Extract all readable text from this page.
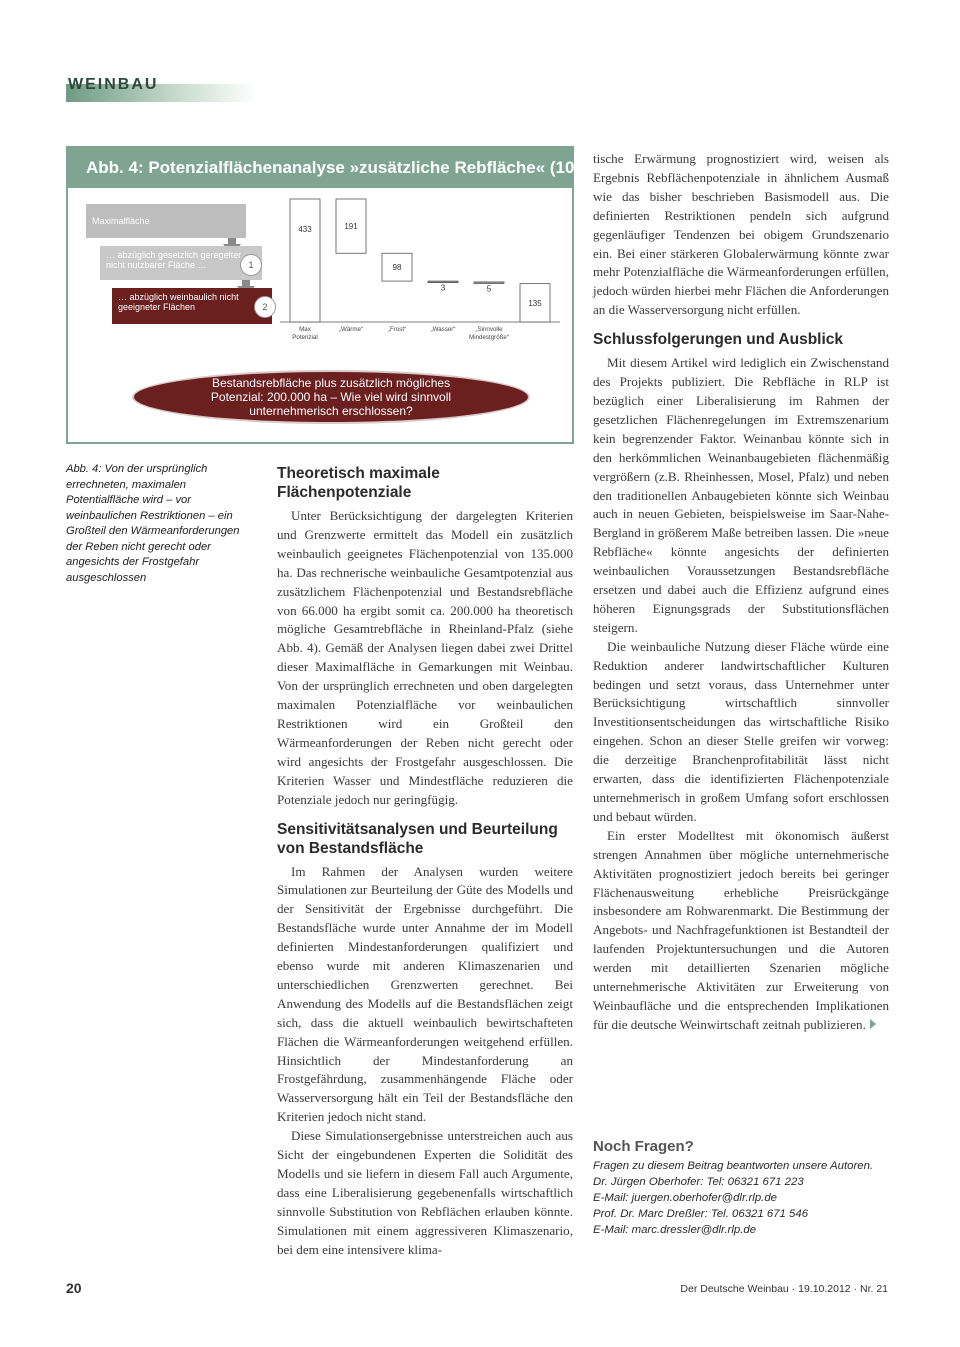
WEINBAU
Abb. 4: Potenzialflächenanalyse »zusätzliche Rebfläche« (1000 ha)
Maximalfläche
… abzüglich gesetzlich geregelter nicht nutzbarer Fläche …	1
… abzüglich weinbaulich nicht geeigneter Flächen	2
433
Max
Potenzial
191
„Wärme“
98
„Frost“
3
„Wasser“
5
„Sinnvolle
Mindestgröße“
135
Bestandsrebfläche plus zusätzlich mögliches Potenzial: 200.000 ha – Wie viel wird sinnvoll unternehmerisch erschlossen?
Abb. 4: Von der ursprünglich errechneten, maximalen Potentialfläche wird – vor weinbaulichen Restriktionen – ein Großteil den Wärmeanforderungen der Reben nicht gerecht oder angesichts der Frostgefahr ausgeschlossen
Theoretisch maximale Flächenpotenziale

Unter Berücksichtigung der dargelegten Kriterien und Grenzwerte ermittelt das Modell ein zusätzlich weinbaulich geeignetes Flächenpotenzial von 135.000 ha. Das rechnerische weinbauliche Gesamtpotenzial aus zusätzlichem Flächenpotenzial und Bestandsrebfläche von 66.000 ha ergibt somit ca. 200.000 ha theoretisch mögliche Gesamtrebfläche in Rheinland-Pfalz (siehe Abb. 4). Gemäß der Analysen liegen dabei zwei Drittel dieser Maximalfläche in Gemarkungen mit Weinbau. Von der ursprünglich errechneten und oben dargelegten maximalen Potenzialfläche vor weinbaulichen Restriktionen wird ein Großteil den Wärmeanforderungen der Reben nicht gerecht oder wird angesichts der Frostgefahr ausgeschlossen. Die Kriterien Wasser und Mindestfläche reduzieren die Potenziale jedoch nur geringfügig.

Sensitivitätsanalysen und Beurteilung von Bestandsfläche

Im Rahmen der Analysen wurden weitere Simulationen zur Beurteilung der Güte des Modells und der Sensitivität der Ergebnisse durchgeführt. Die Bestandsfläche wurde unter Annahme der im Modell definierten Mindestanforderungen qualifiziert und ebenso wurde mit anderen Klimaszenarien und unterschiedlichen Grenzwerten gerechnet. Bei Anwendung des Modells auf die Bestandsflächen zeigt sich, dass die aktuell weinbaulich bewirtschafteten Flächen die Wärmeanforderungen weitgehend erfüllen. Hinsichtlich der Mindestanforderung an Frostgefährdung, zusammenhängende Fläche oder Wasserversorgung hält ein Teil der Bestandsfläche den Kriterien jedoch nicht stand.

Diese Simulationsergebnisse unterstreichen auch aus Sicht der eingebundenen Experten die Solidität des Modells und sie liefern in diesem Fall auch Argumente, dass eine Liberalisierung gegebenenfalls wirtschaftlich sinnvolle Substitution von Rebflächen erlauben könnte. Simulationen mit einem aggressiveren Klimaszenario, bei dem eine intensivere klima-

tische Erwärmung prognostiziert wird, weisen als Ergebnis Rebflächenpotenziale in ähnlichem Ausmaß wie das bisher beschrieben Basismodell aus. Die definierten Restriktionen pendeln sich aufgrund gegenläufiger Tendenzen bei obigem Grundszenario ein. Bei einer stärkeren Globalerwärmung könnte zwar mehr Potenzialfläche die Wärmeanforderungen erfüllen, jedoch würden hierbei mehr Flächen die Anforderungen an die Wasserversorgung nicht erfüllen.

Schlussfolgerungen und Ausblick

Mit diesem Artikel wird lediglich ein Zwischenstand des Projekts publiziert. Die Rebfläche in RLP ist bezüglich einer Liberalisierung im Rahmen der gesetzlichen Flächenregelungen im Extremszenarium kein begrenzender Faktor. Weinanbau könnte sich in den herkömmlichen Weinanbaugebieten flächenmäßig vergrößern (z.B. Rheinhessen, Mosel, Pfalz) und neben den traditionellen Anbaugebieten könnte sich Weinbau auch in neuen Gebieten, beispielsweise im Saar-Nahe-Bergland in größerem Maße betreiben lassen. Die »neue Rebfläche« könnte angesichts der definierten weinbaulichen Voraussetzungen Bestandsrebfläche ersetzen und dabei auch die Effizienz aufgrund eines höheren Eignungsgrads der Substitutionsflächen steigern.

Die weinbauliche Nutzung dieser Fläche würde eine Reduktion anderer landwirtschaftlicher Kulturen bedingen und setzt voraus, dass Unternehmer unter Berücksichtigung wirtschaftlich sinnvoller Investitionsentscheidungen das wirtschaftliche Risiko eingehen. Schon an dieser Stelle greifen wir vorweg: die derzeitige Branchenprofitabilität lässt nicht erwarten, dass die identifizierten Flächenpotenziale unternehmerisch in großem Umfang sofort erschlossen und bebaut würden.

Ein erster Modelltest mit ökonomisch äußerst strengen Annahmen über mögliche unternehmerische Aktivitäten prognostiziert jedoch bereits bei geringer Flächenausweitung erhebliche Preisrückgänge insbesondere am Rohwarenmarkt. Die Bestimmung der Angebots- und Nachfragefunktionen ist Bestandteil der laufenden Projektuntersuchungen und die Autoren werden mit detaillierten Szenarien mögliche unternehmerische Aktivitäten zur Erweiterung von Weinbaufläche und die entsprechenden Implikationen für die deutsche Weinwirtschaft zeitnah publizieren.

Noch Fragen?
Fragen zu diesem Beitrag beantworten unsere Autoren.
Dr. Jürgen Oberhofer: Tel: 06321 671 223
E-Mail: juergen.oberhofer@dlr.rlp.de
Prof. Dr. Marc Dreßler: Tel. 06321 671 546
E-Mail: marc.dressler@dlr.rlp.de
20	Der Deutsche Weinbau · 19.10.2012 · Nr. 21
